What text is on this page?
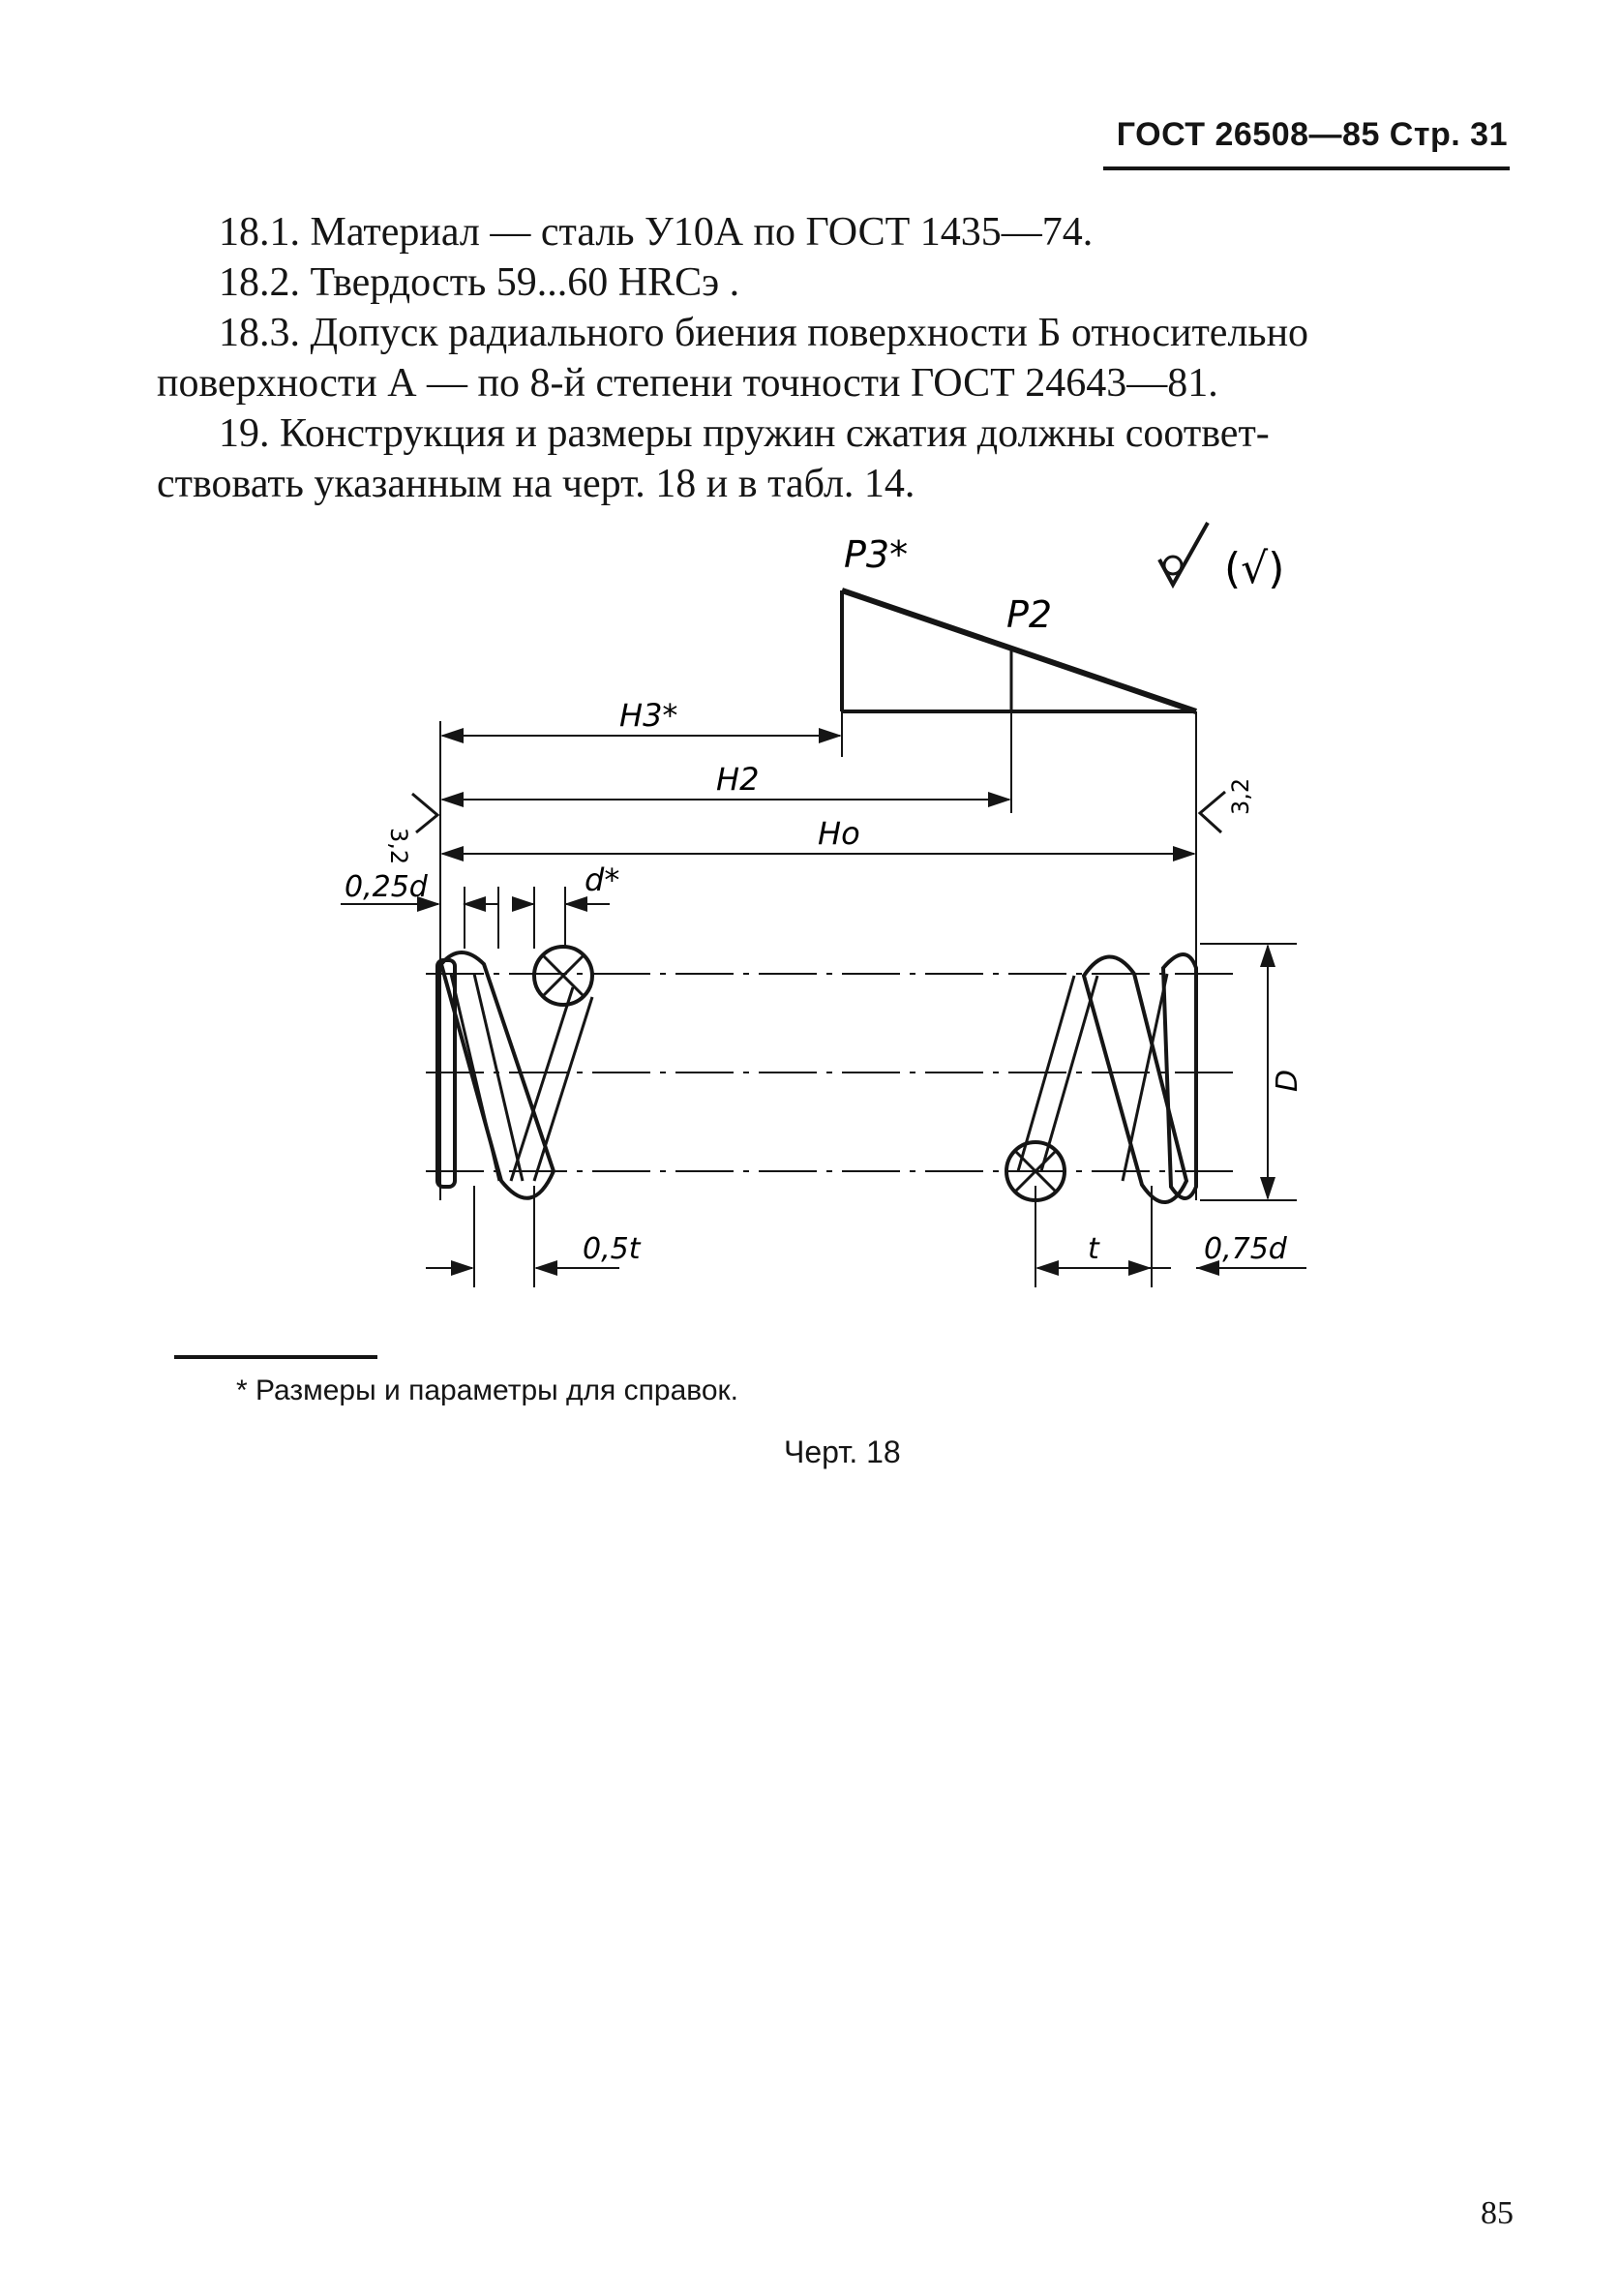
ГОСТ 26508—85 Стр. 31

18.1. Материал — сталь У10А по ГОСТ 1435—74.

18.2. Твердость 59...60 HRCэ .

18.3. Допуск радиального биения поверхности Б относительно

поверхности А — по 8-й степени точности ГОСТ 24643—81.

19. Конструкция и размеры пружин сжатия должны соответ-

ствовать указанным на черт. 18 и в табл. 14.

P3*
P2
(√)
H3*
H2
Ho
3,2
3,2
0,25d	d*
D
0,5t	t	0,75d
* Размеры и параметры для справок.
Черт. 18
85
